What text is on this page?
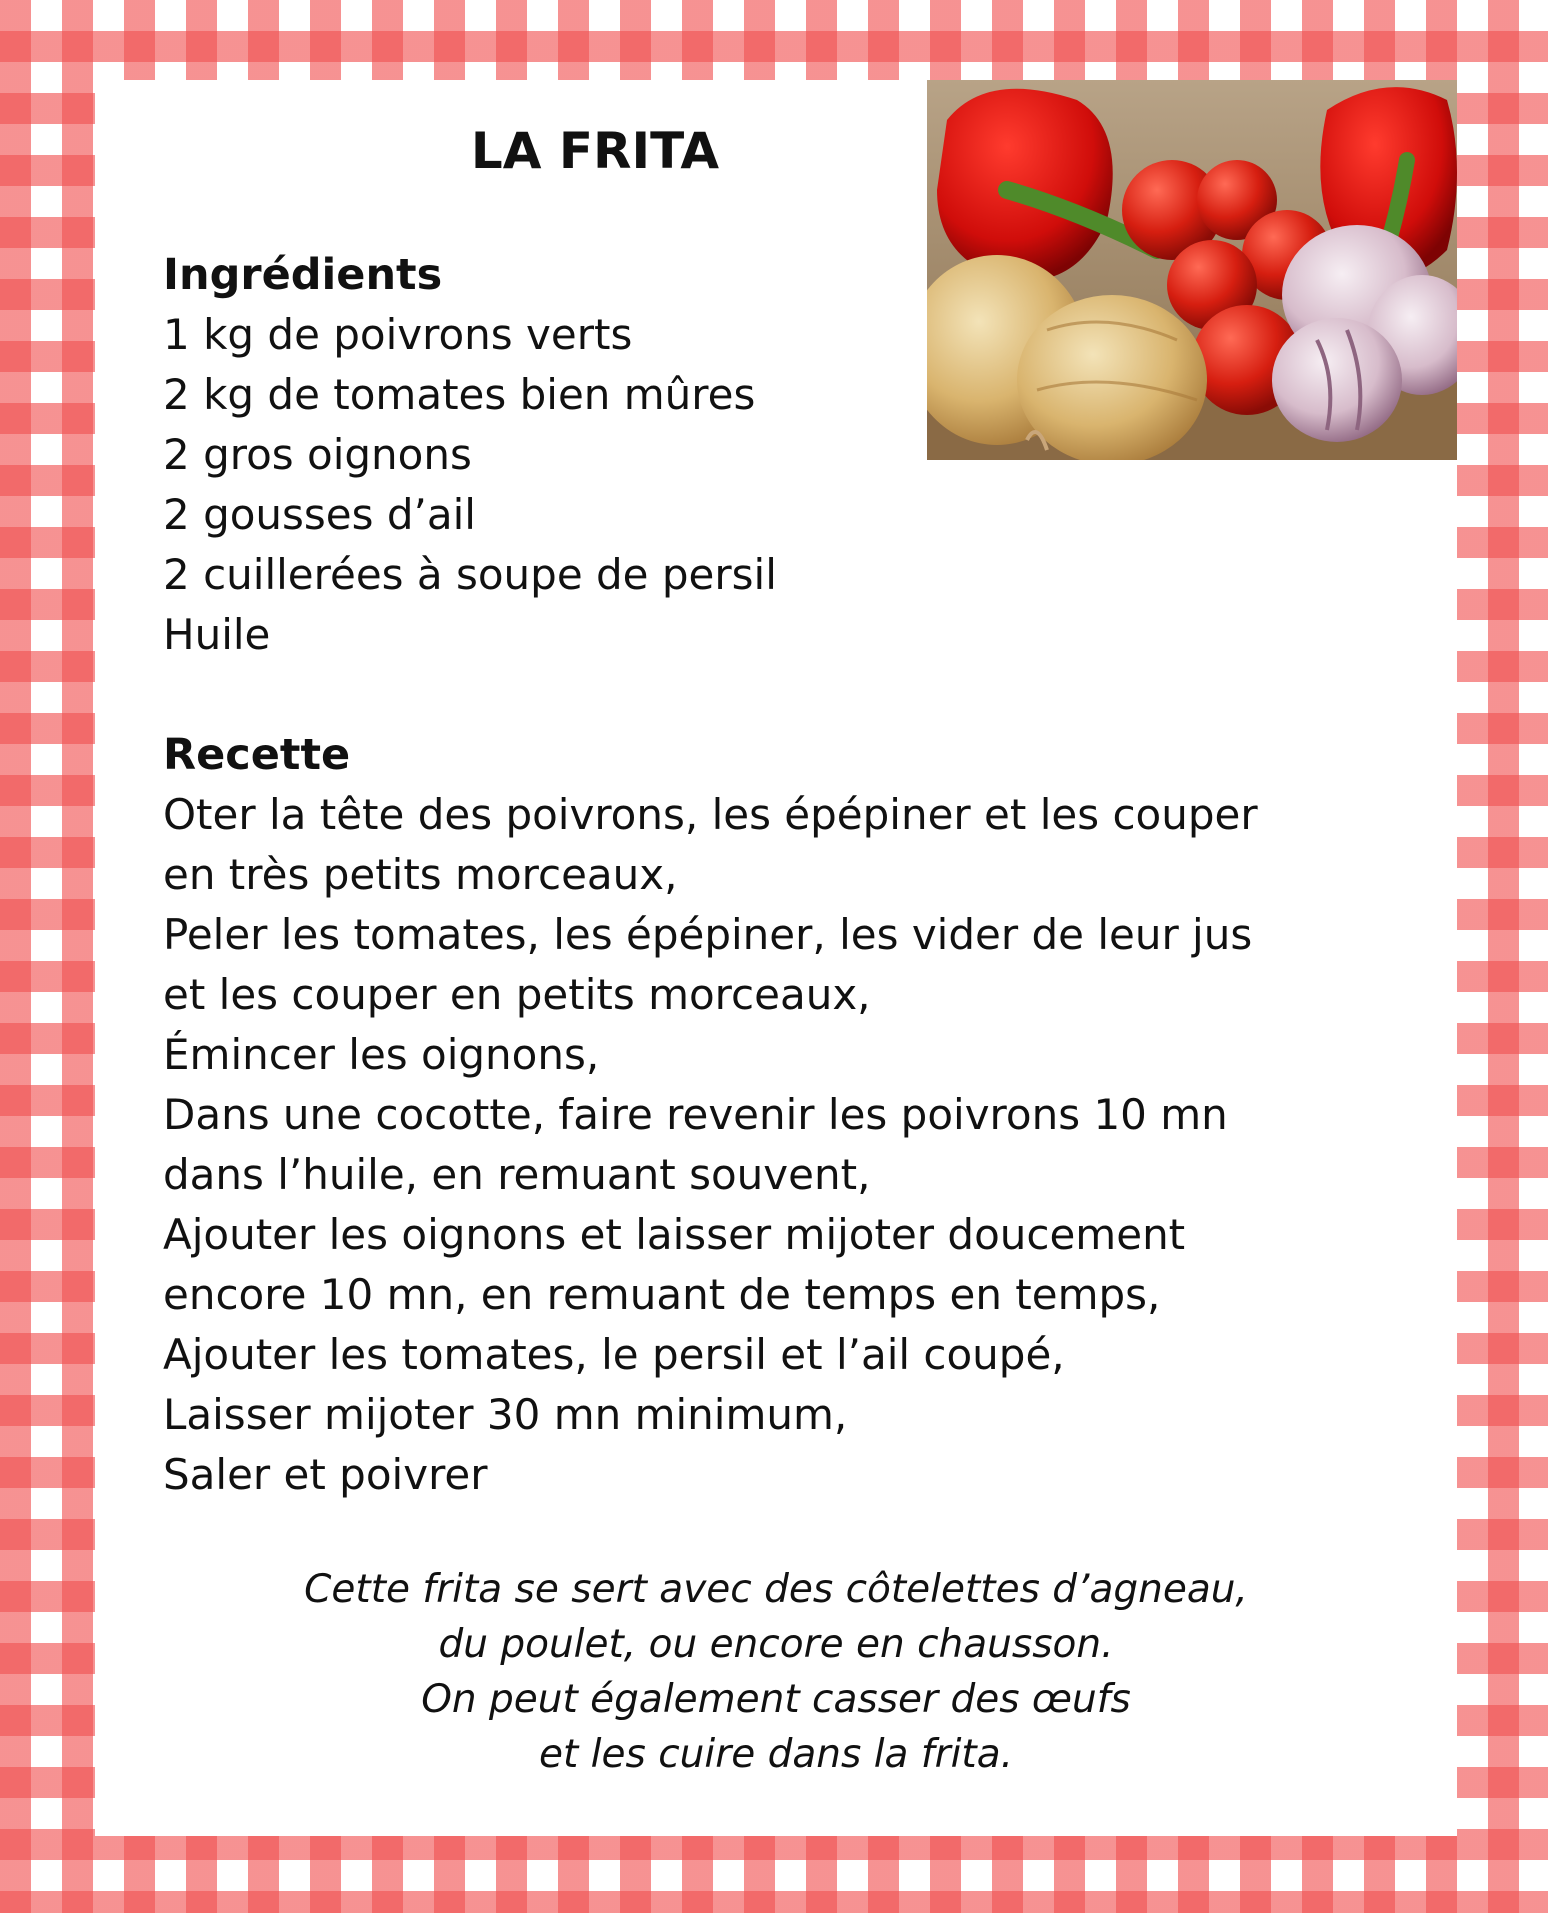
LA FRITA
Ingrédients
1 kg de poivrons verts
2 kg de tomates bien mûres
2 gros oignons
2 gousses d’ail
2 cuillerées à soupe de persil
Huile
Recette
Oter la tête des poivrons, les épépiner et les couper
en très petits morceaux,
Peler les tomates, les épépiner, les vider de leur jus
et les couper en petits morceaux,
Émincer les oignons,
Dans une cocotte, faire revenir les poivrons 10 mn
dans l’huile, en remuant souvent,
Ajouter les oignons et laisser mijoter doucement
encore 10 mn, en remuant de temps en temps,
Ajouter les tomates, le persil et l’ail coupé,
Laisser mijoter 30 mn minimum,
Saler et poivrer
Cette frita se sert avec des côtelettes d’agneau,
du poulet, ou encore en chausson.
On peut également casser des œufs
et les cuire dans la frita.
